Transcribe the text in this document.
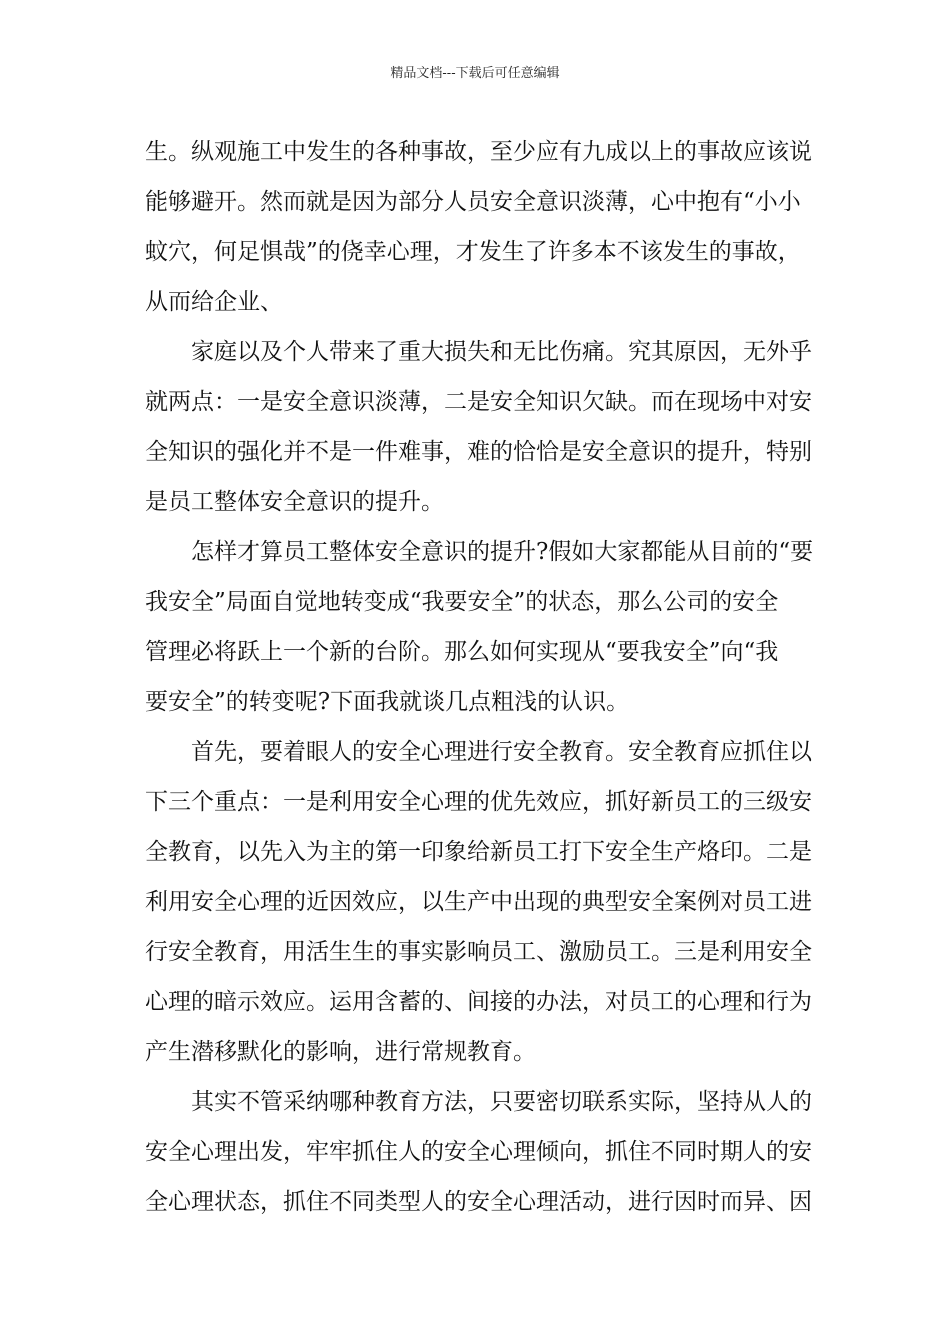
精品文档---下载后可任意编辑
生。纵观施工中发生的各种事故，至少应有九成以上的事故应该说
能够避开。然而就是因为部分人员安全意识淡薄，心中抱有“小小
蚊穴，何足惧哉”的侥幸心理，才发生了许多本不该发生的事故，
从而给企业、
家庭以及个人带来了重大损失和无比伤痛。究其原因，无外乎
就两点：一是安全意识淡薄，二是安全知识欠缺。而在现场中对安
全知识的强化并不是一件难事，难的恰恰是安全意识的提升，特别
是员工整体安全意识的提升。
怎样才算员工整体安全意识的提升?假如大家都能从目前的“要
我安全”局面自觉地转变成“我要安全”的状态，那么公司的安全
管理必将跃上一个新的台阶。那么如何实现从“要我安全”向“我
要安全”的转变呢?下面我就谈几点粗浅的认识。
首先，要着眼人的安全心理进行安全教育。安全教育应抓住以
下三个重点：一是利用安全心理的优先效应，抓好新员工的三级安
全教育，以先入为主的第一印象给新员工打下安全生产烙印。二是
利用安全心理的近因效应，以生产中出现的典型安全案例对员工进
行安全教育，用活生生的事实影响员工、激励员工。三是利用安全
心理的暗示效应。运用含蓄的、间接的办法，对员工的心理和行为
产生潜移默化的影响，进行常规教育。
其实不管采纳哪种教育方法，只要密切联系实际，坚持从人的
安全心理出发，牢牢抓住人的安全心理倾向，抓住不同时期人的安
全心理状态，抓住不同类型人的安全心理活动，进行因时而异、因
